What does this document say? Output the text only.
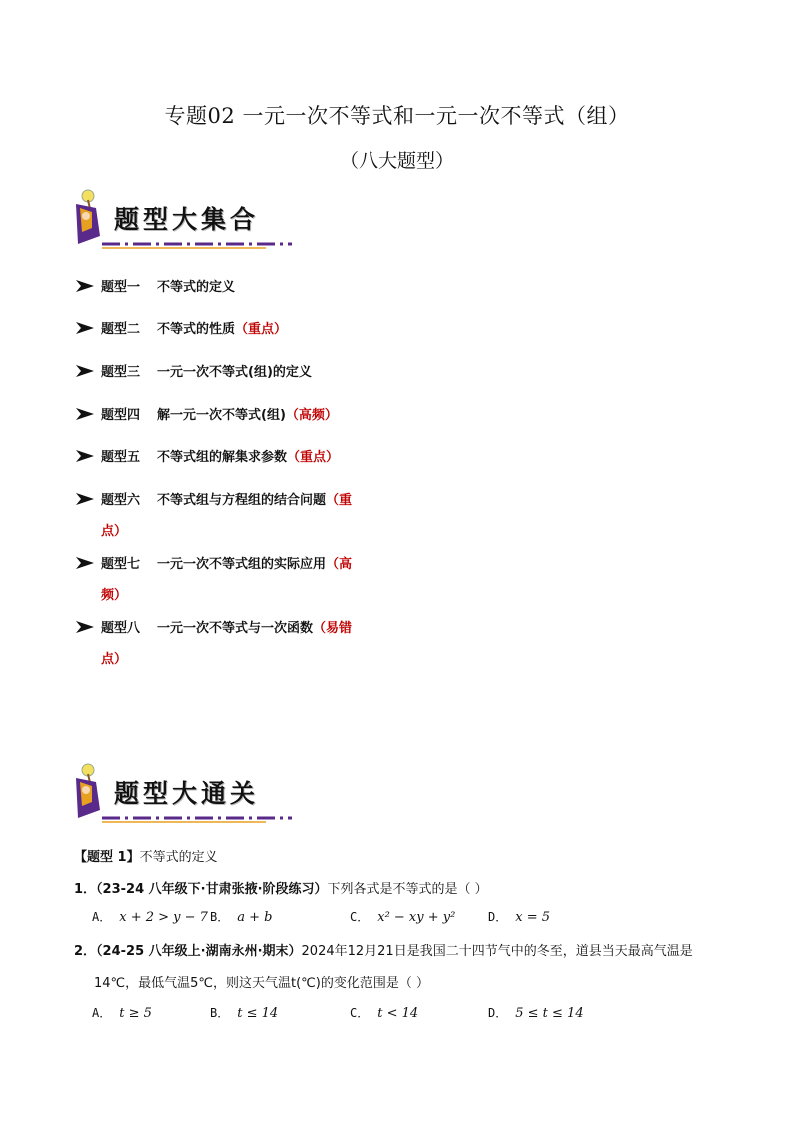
专题02 一元一次不等式和一元一次不等式（组）
（八大题型）
题型大集合
题型一	不等式的定义
题型二	不等式的性质 （重点）
题型三	一元一次不等式(组)的定义
题型四	解一元一次不等式(组) （高频）
题型五	不等式组的解集求参数 （重点）
题型六	不等式组与方程组的结合问题 （重
点）
题型七	一元一次不等式组的实际应用 （高
频）
题型八	一元一次不等式与一次函数 （易错
点）
题型大通关
【题型 1】不等式的定义
1．（23-24 八年级下·甘肃张掖·阶段练习）下列各式是不等式的是（ ）
A． x + 2 > y − 7 B． a + b	C． x² − xy + y²	D． x = 5
2．（24-25 八年级上·湖南永州·期末）2024年12月21日是我国二十四节气中的冬至，道县当天最高气温是
14℃，最低气温5℃，则这天气温t(℃)的变化范围是（ ）
A． t ≥ 5	B． t ≤ 14	C． t < 14	D． 5 ≤ t ≤ 14
